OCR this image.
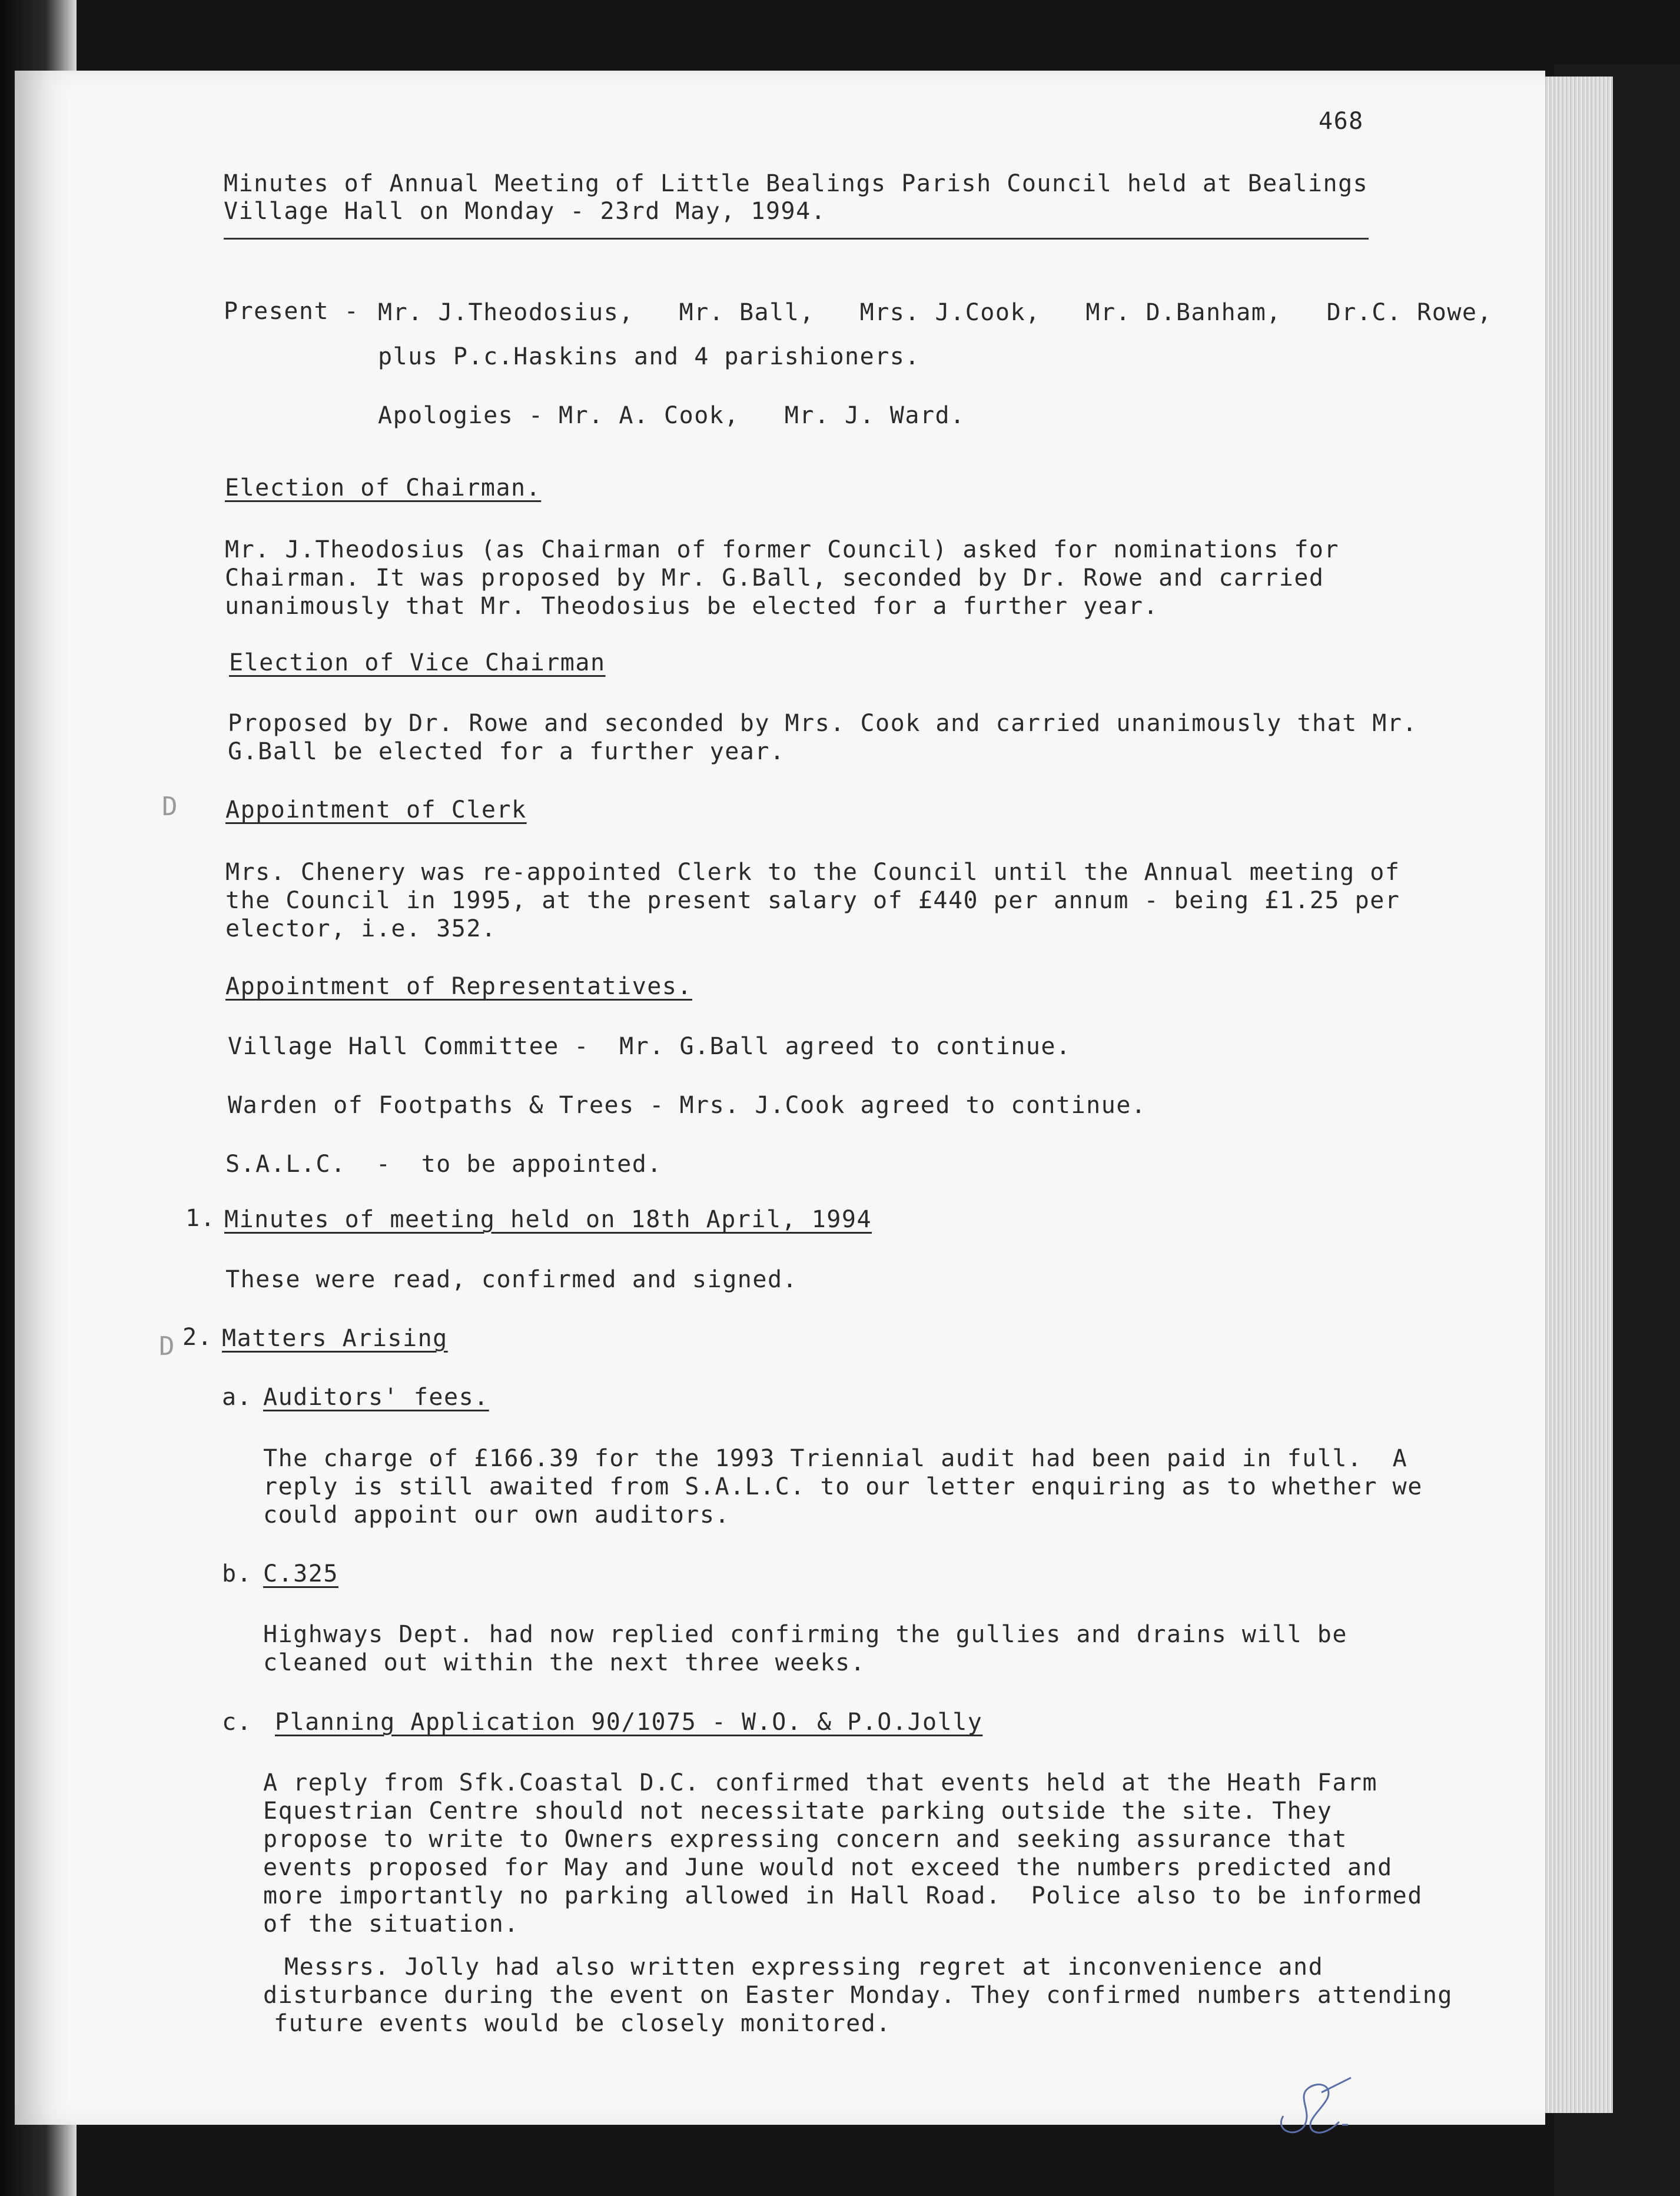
468
Minutes of Annual Meeting of Little Bealings Parish Council held at Bealings
Village Hall on Monday - 23rd May, 1994.
Present - Mr. J.Theodosius,   Mr. Ball,   Mrs. J.Cook,   Mr. D.Banham,   Dr.C. Rowe,
plus P.c.Haskins and 4 parishioners.
Apologies - Mr. A. Cook,   Mr. J. Ward.
Election of Chairman.
Mr. J.Theodosius (as Chairman of former Council) asked for nominations for
Chairman. It was proposed by Mr. G.Ball, seconded by Dr. Rowe and carried
unanimously that Mr. Theodosius be elected for a further year.
Election of Vice Chairman
Proposed by Dr. Rowe and seconded by Mrs. Cook and carried unanimously that Mr.
G.Ball be elected for a further year.
D Appointment of Clerk
Mrs. Chenery was re-appointed Clerk to the Council until the Annual meeting of
the Council in 1995, at the present salary of £440 per annum - being £1.25 per
elector, i.e. 352.
Appointment of Representatives.
Village Hall Committee -  Mr. G.Ball agreed to continue.
Warden of Footpaths & Trees - Mrs. J.Cook agreed to continue.
S.A.L.C.  -  to be appointed.
1. Minutes of meeting held on 18th April, 1994
These were read, confirmed and signed.
D 2. Matters Arising
a. Auditors' fees.
The charge of £166.39 for the 1993 Triennial audit had been paid in full.  A
reply is still awaited from S.A.L.C. to our letter enquiring as to whether we
could appoint our own auditors.
b. C.325
Highways Dept. had now replied confirming the gullies and drains will be
cleaned out within the next three weeks.
c. Planning Application 90/1075 - W.O. & P.O.Jolly
A reply from Sfk.Coastal D.C. confirmed that events held at the Heath Farm
Equestrian Centre should not necessitate parking outside the site. They
propose to write to Owners expressing concern and seeking assurance that
events proposed for May and June would not exceed the numbers predicted and
more importantly no parking allowed in Hall Road.  Police also to be informed
of the situation.
Messrs. Jolly had also written expressing regret at inconvenience and
disturbance during the event on Easter Monday. They confirmed numbers attending
future events would be closely monitored.
